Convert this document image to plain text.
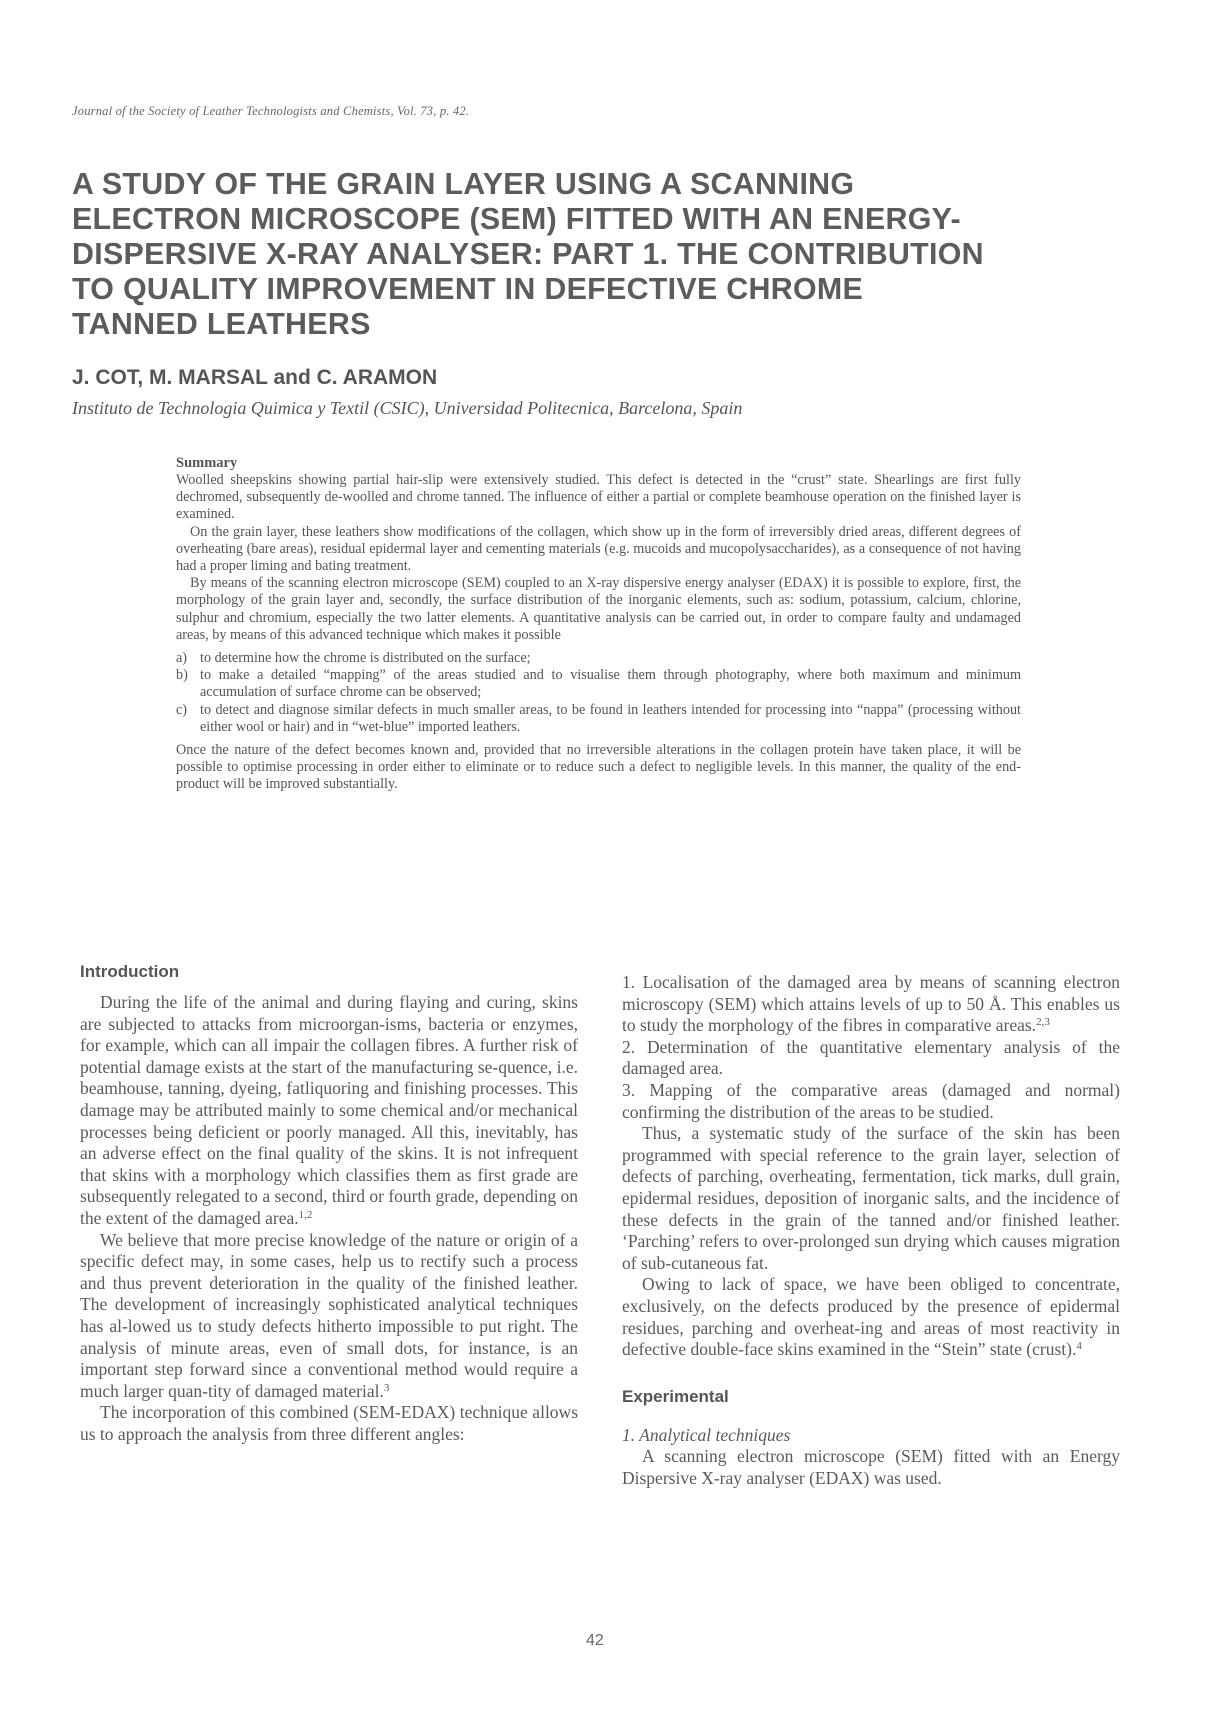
Journal of the Society of Leather Technologists and Chemists, Vol. 73, p. 42.
A STUDY OF THE GRAIN LAYER USING A SCANNING
ELECTRON MICROSCOPE (SEM) FITTED WITH AN ENERGY-
DISPERSIVE X-RAY ANALYSER: PART 1. THE CONTRIBUTION
TO QUALITY IMPROVEMENT IN DEFECTIVE CHROME
TANNED LEATHERS
J. COT, M. MARSAL and C. ARAMON
Instituto de Technologia Quimica y Textil (CSIC), Universidad Politecnica, Barcelona, Spain
Summary

Woolled sheepskins showing partial hair-slip were extensively studied. This defect is detected in the “crust” state. Shearlings are first fully dechromed, subsequently de-woolled and chrome tanned. The influence of either a partial or complete beamhouse operation on the finished layer is examined.

On the grain layer, these leathers show modifications of the collagen, which show up in the form of irreversibly dried areas, different degrees of overheating (bare areas), residual epidermal layer and cementing materials (e.g. mucoids and mucopolysaccharides), as a consequence of not having had a proper liming and bating treatment.

By means of the scanning electron microscope (SEM) coupled to an X-ray dispersive energy analyser (EDAX) it is possible to explore, first, the morphology of the grain layer and, secondly, the surface distribution of the inorganic elements, such as: sodium, potassium, calcium, chlorine, sulphur and chromium, especially the two latter elements. A quantitative analysis can be carried out, in order to compare faulty and undamaged areas, by means of this advanced technique which makes it possible

a) to determine how the chrome is distributed on the surface;
b) to make a detailed “mapping” of the areas studied and to visualise them through photography, where both maximum and minimum accumulation of surface chrome can be observed;
c) to detect and diagnose similar defects in much smaller areas, to be found in leathers intended for processing into “nappa” (processing without either wool or hair) and in “wet-blue” imported leathers.

Once the nature of the defect becomes known and, provided that no irreversible alterations in the collagen protein have taken place, it will be possible to optimise processing in order either to eliminate or to reduce such a defect to negligible levels. In this manner, the quality of the end-product will be improved substantially.

Introduction

During the life of the animal and during flaying and curing, skins are subjected to attacks from microorgan-isms, bacteria or enzymes, for example, which can all impair the collagen fibres. A further risk of potential damage exists at the start of the manufacturing se-quence, i.e. beamhouse, tanning, dyeing, fatliquoring and finishing processes. This damage may be attributed mainly to some chemical and/or mechanical processes being deficient or poorly managed. All this, inevitably, has an adverse effect on the final quality of the skins. It is not infrequent that skins with a morphology which classifies them as first grade are subsequently relegated to a second, third or fourth grade, depending on the extent of the damaged area.$^{1,2}$

We believe that more precise knowledge of the nature or origin of a specific defect may, in some cases, help us to rectify such a process and thus prevent deterioration in the quality of the finished leather. The development of increasingly sophisticated analytical techniques has al-lowed us to study defects hitherto impossible to put right. The analysis of minute areas, even of small dots, for instance, is an important step forward since a conventional method would require a much larger quan-tity of damaged material.$^3$

The incorporation of this combined (SEM-EDAX) technique allows us to approach the analysis from three different angles:

1. Localisation of the damaged area by means of scanning electron microscopy (SEM) which attains levels of up to 50 Å. This enables us to study the morphology of the fibres in comparative areas.$^{2,3}$

2. Determination of the quantitative elementary analysis of the damaged area.

3. Mapping of the comparative areas (damaged and normal) confirming the distribution of the areas to be studied.

Thus, a systematic study of the surface of the skin has been programmed with special reference to the grain layer, selection of defects of parching, overheating, fermentation, tick marks, dull grain, epidermal residues, deposition of inorganic salts, and the incidence of these defects in the grain of the tanned and/or finished leather. ‘Parching’ refers to over-prolonged sun drying which causes migration of sub-cutaneous fat.

Owing to lack of space, we have been obliged to concentrate, exclusively, on the defects produced by the presence of epidermal residues, parching and overheat-ing and areas of most reactivity in defective double-face skins examined in the “Stein” state (crust).$^4$

Experimental

1. Analytical techniques

A scanning electron microscope (SEM) fitted with an Energy Dispersive X-ray analyser (EDAX) was used.

42
